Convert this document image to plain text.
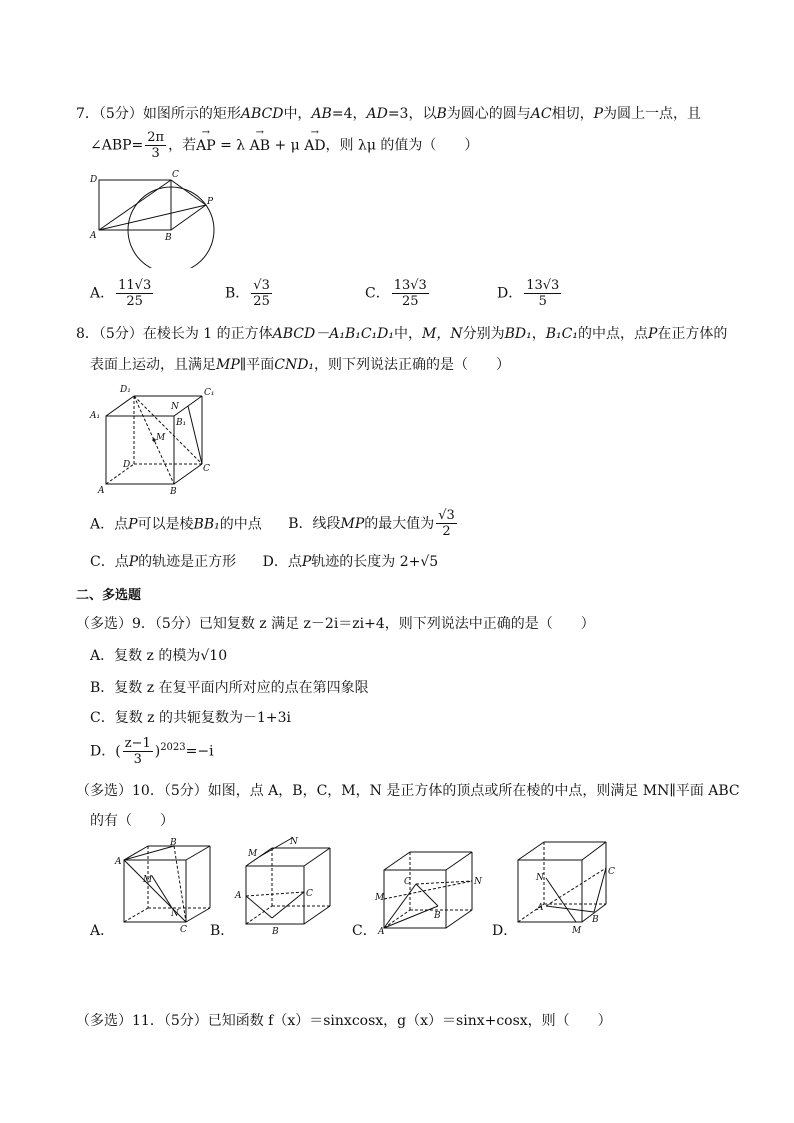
7．（5分）如图所示的矩形ABCD中，AB=4，AD=3，以B为圆心的圆与AC相切，P为圆上一点，且
∠ABP= $\frac{2\pi}{3}$ ，若→ AP = λ → AB + μ → AD，则 λμ 的值为（　　）
D	C
P
A	B
A． $\frac{11√3}{25}$	B． $\frac{√3}{25}$	C． $\frac{13√3}{25}$	D． $\frac{13√3}{5}$
8．（5分）在棱长为 1 的正方体ABCD－A₁B₁C₁D₁中，M，N分别为BD₁，B₁C₁的中点，点P在正方体的
表面上运动，且满足MP∥平面CND₁，则下列说法正确的是（　　）
D₁	C₁
A₁
N
B₁
M
D	C
A	B
A．点P可以是棱BB₁的中点 B．线段MP的最大值为 $\frac{√3}{2}$
C．点P的轨迹是正方形 D．点P轨迹的长度为 2+√5
二、多选题
（多选）9．（5分）已知复数 z 满足 z－2i＝zi+4，则下列说法中正确的是（　　）
A．复数 z 的模为√10
B．复数 z 在复平面内所对应的点在第四象限
C．复数 z 的共轭复数为－1+3i
D．( $\frac{z-1}{3} )^{2023}=-i$
（多选）10．（5分）如图，点 A，B，C，M，N 是正方体的顶点或所在棱的中点，则满足 MN∥平面 ABC
的有（　　）
A
B
M
N
C
A．
M
N
A	C
B
B．
C	N
M
B
A
C．
N
C
A
B
M
D．
（多选）11．（5分）已知函数 f（x）＝sinxcosx，g（x）＝sinx+cosx，则（　　）
